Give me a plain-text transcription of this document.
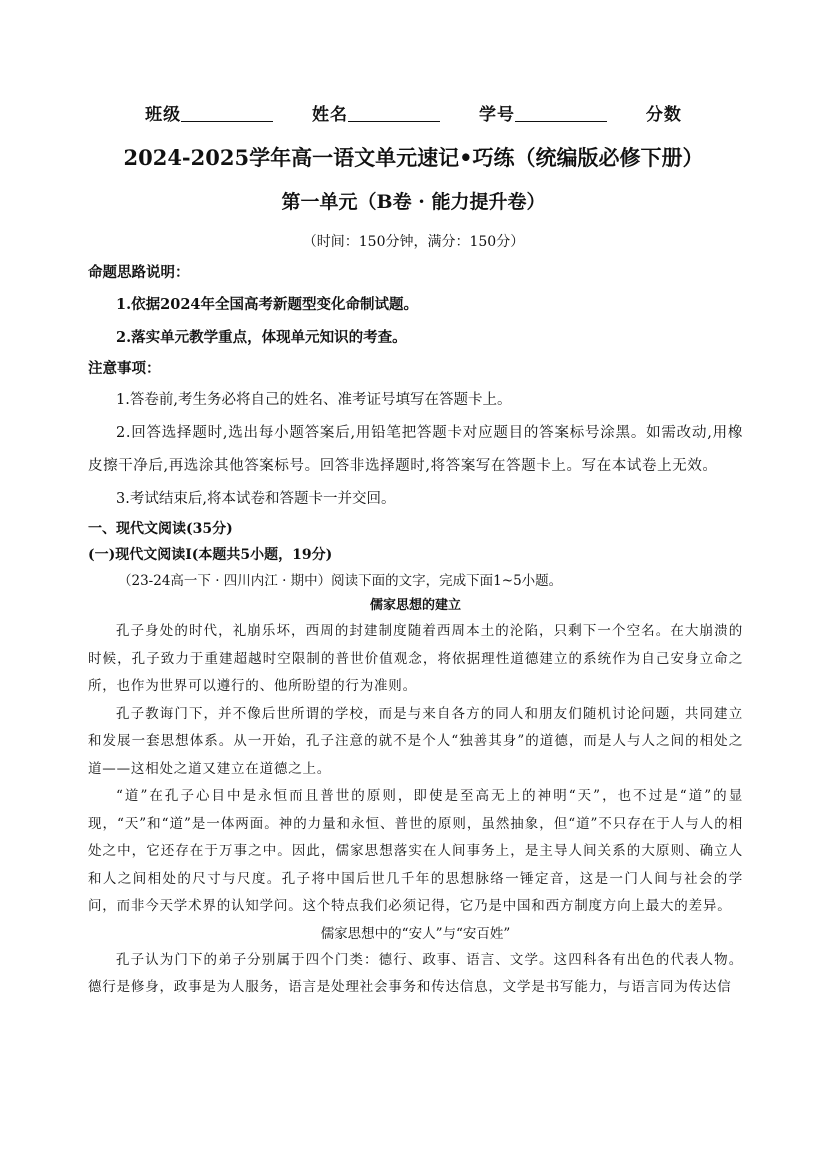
班级	姓名	学号	分数
2024-2025学年高一语文单元速记•巧练（统编版必修下册）
第一单元（B卷 · 能力提升卷）
（时间：150分钟，满分：150分）
命题思路说明：
1.依据2024年全国高考新题型变化命制试题。
2.落实单元教学重点，体现单元知识的考查。
注意事项：
1.答卷前,考生务必将自己的姓名、准考证号填写在答题卡上。
2.回答选择题时,选出每小题答案后,用铅笔把答题卡对应题目的答案标号涂黑。如需改动,用橡皮擦干净后,再选涂其他答案标号。回答非选择题时,将答案写在答题卡上。写在本试卷上无效。
3.考试结束后,将本试卷和答题卡一并交回。
一、现代文阅读(35分)
(一)现代文阅读Ⅰ(本题共5小题，19分)
（23-24高一下 · 四川内江 · 期中）阅读下面的文字，完成下面1~5小题。
儒家思想的建立
孔子身处的时代，礼崩乐坏，西周的封建制度随着西周本土的沦陷，只剩下一个空名。在大崩溃的时候，孔子致力于重建超越时空限制的普世价值观念，将依据理性道德建立的系统作为自己安身立命之所，也作为世界可以遵行的、他所盼望的行为准则。
孔子教诲门下，并不像后世所谓的学校，而是与来自各方的同人和朋友们随机讨论问题，共同建立和发展一套思想体系。从一开始，孔子注意的就不是个人“独善其身”的道德，而是人与人之间的相处之道——这相处之道又建立在道德之上。
“道”在孔子心目中是永恒而且普世的原则，即使是至高无上的神明“天”，也不过是“道”的显现，“天”和“道”是一体两面。神的力量和永恒、普世的原则，虽然抽象，但“道”不只存在于人与人的相处之中，它还存在于万事之中。因此，儒家思想落实在人间事务上，是主导人间关系的大原则、确立人和人之间相处的尺寸与尺度。孔子将中国后世几千年的思想脉络一锤定音，这是一门人间与社会的学问，而非今天学术界的认知学问。这个特点我们必须记得，它乃是中国和西方制度方向上最大的差异。
儒家思想中的“安人”与“安百姓”
孔子认为门下的弟子分别属于四个门类：德行、政事、语言、文学。这四科各有出色的代表人物。德行是修身，政事是为人服务，语言是处理社会事务和传达信息，文学是书写能力，与语言同为传达信
